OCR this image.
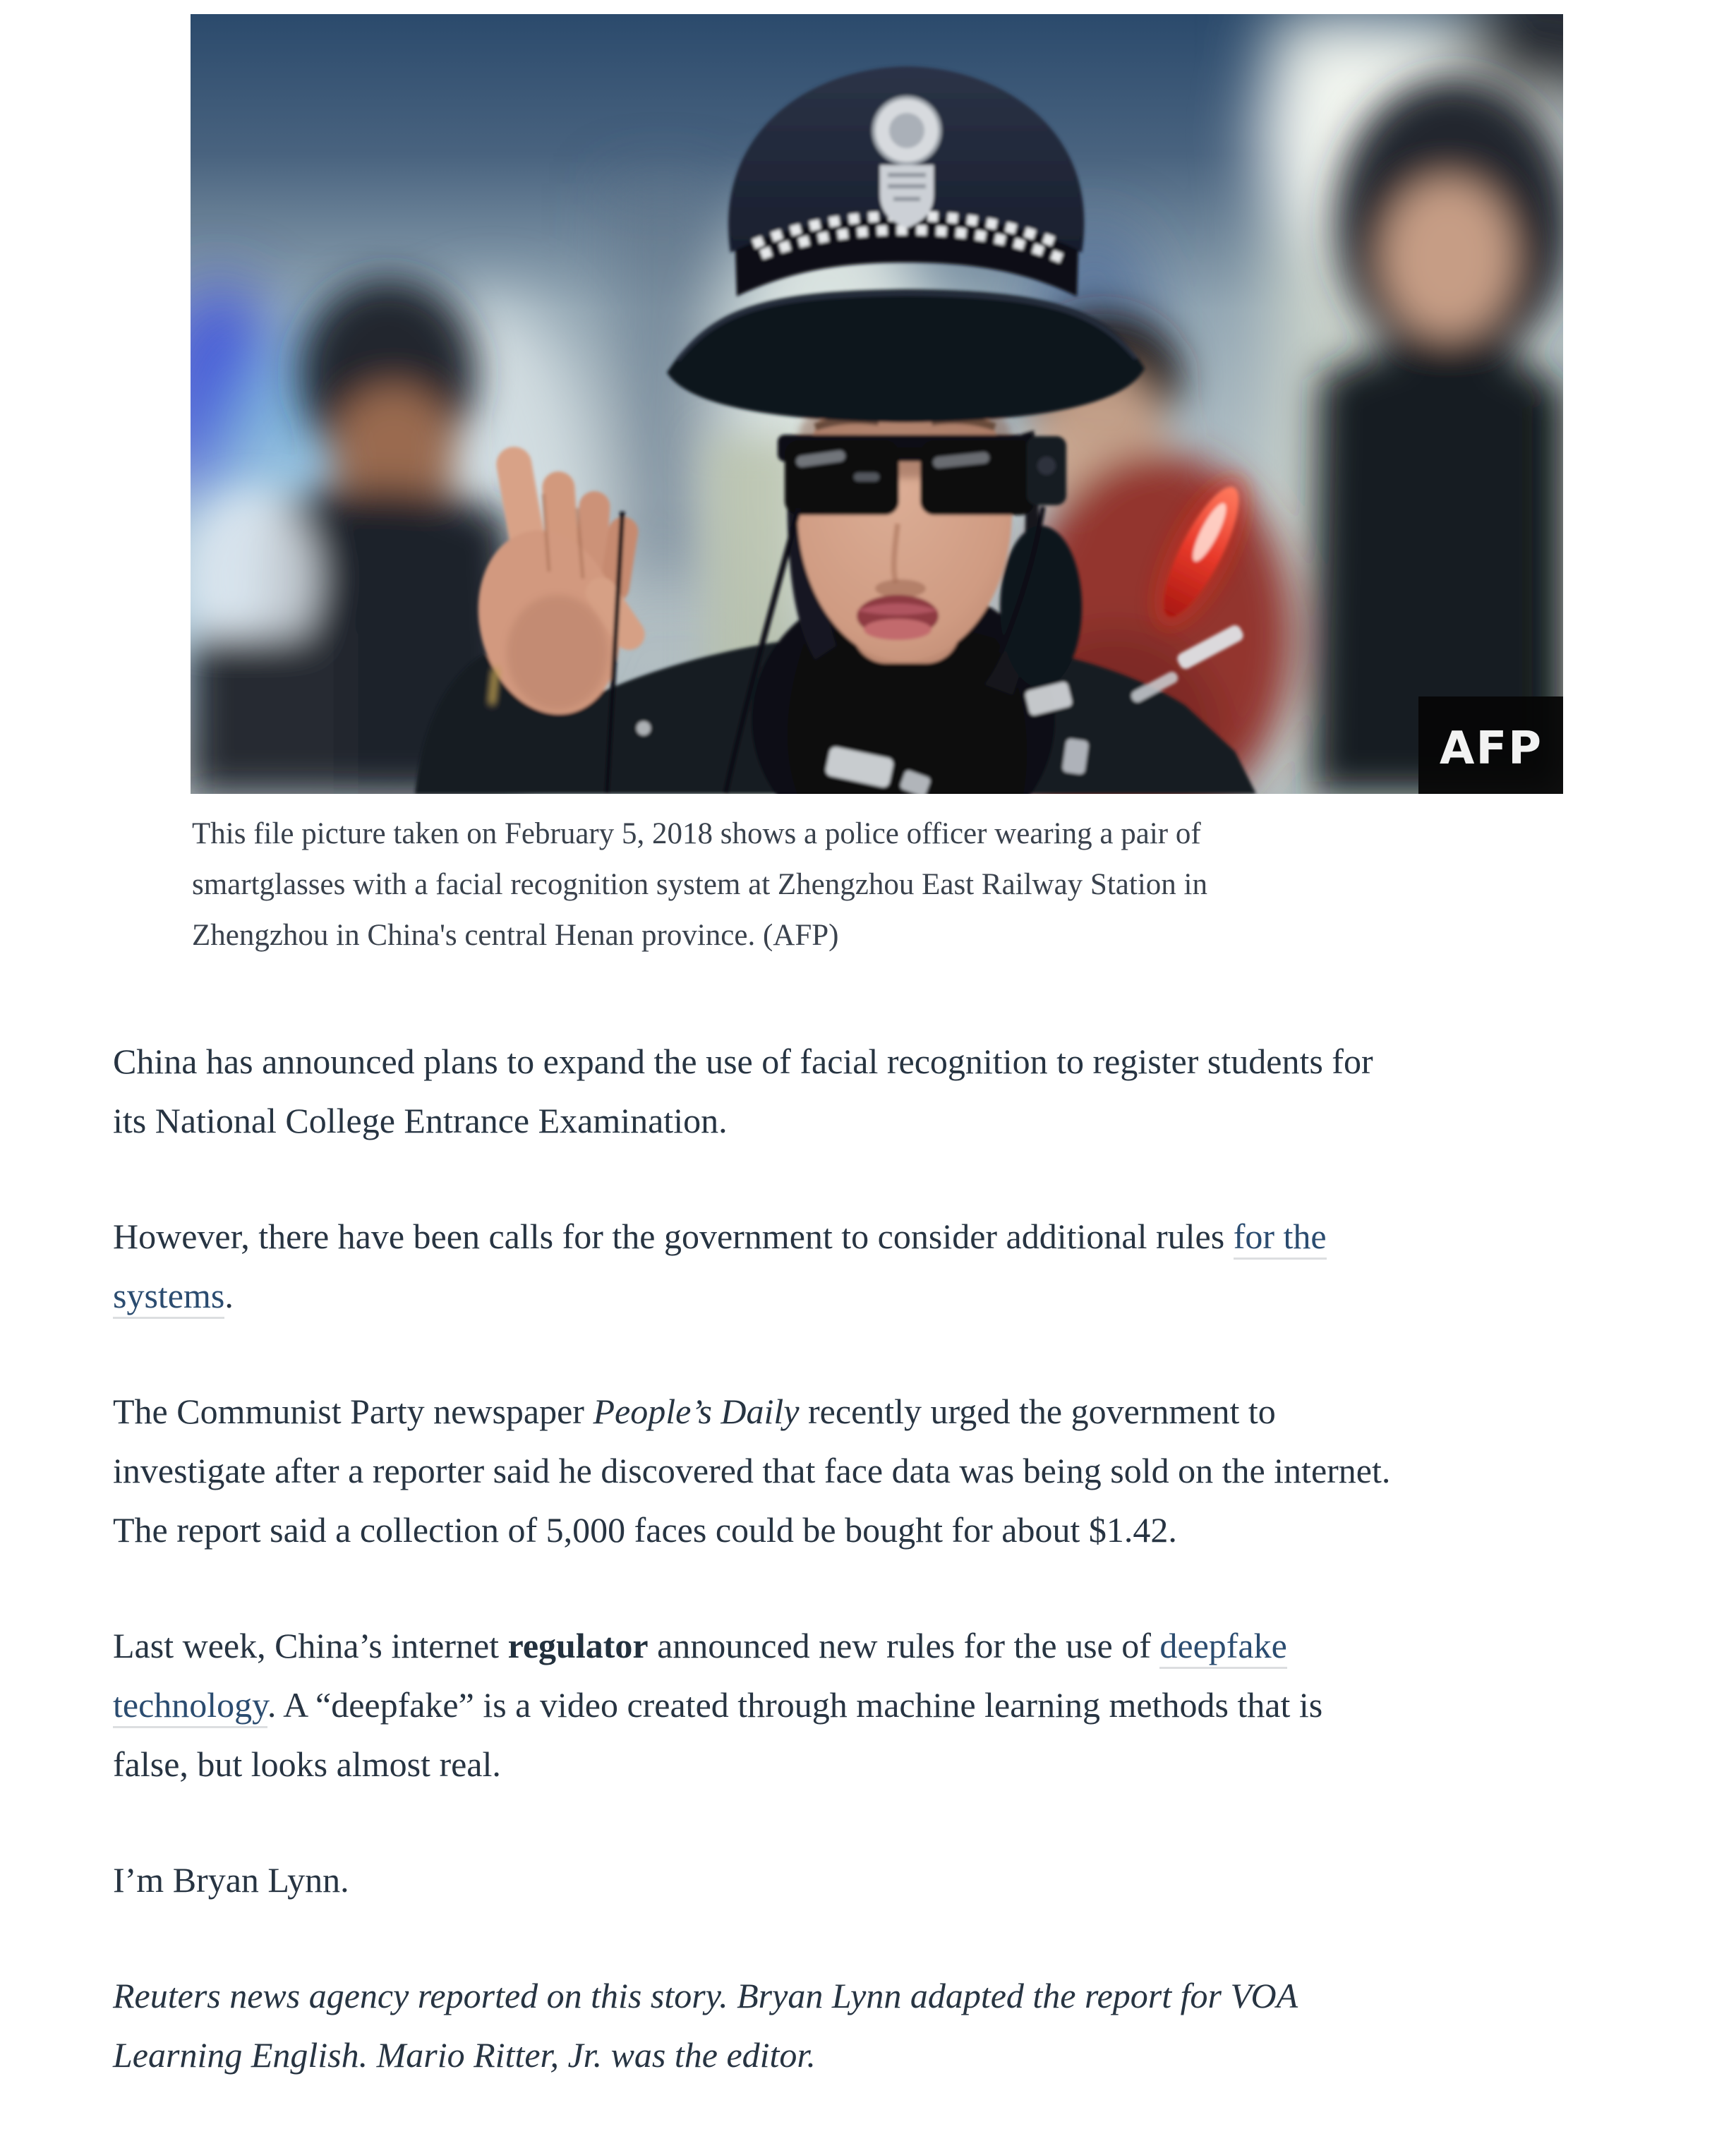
AFP
This file picture taken on February 5, 2018 shows a police officer wearing a pair of
smartglasses with a facial recognition system at Zhengzhou East Railway Station in
Zhengzhou in China's central Henan province. (AFP)

China has announced plans to expand the use of facial recognition to register students for
its National College Entrance Examination.

However, there have been calls for the government to consider additional rules for the
systems.

The Communist Party newspaper People’s Daily recently urged the government to
investigate after a reporter said he discovered that face data was being sold on the internet.
The report said a collection of 5,000 faces could be bought for about $1.42.

Last week, China’s internet regulator announced new rules for the use of deepfake
technology. A “deepfake” is a video created through machine learning methods that is
false, but looks almost real.

I’m Bryan Lynn.

Reuters news agency reported on this story. Bryan Lynn adapted the report for VOA
Learning English. Mario Ritter, Jr. was the editor.
